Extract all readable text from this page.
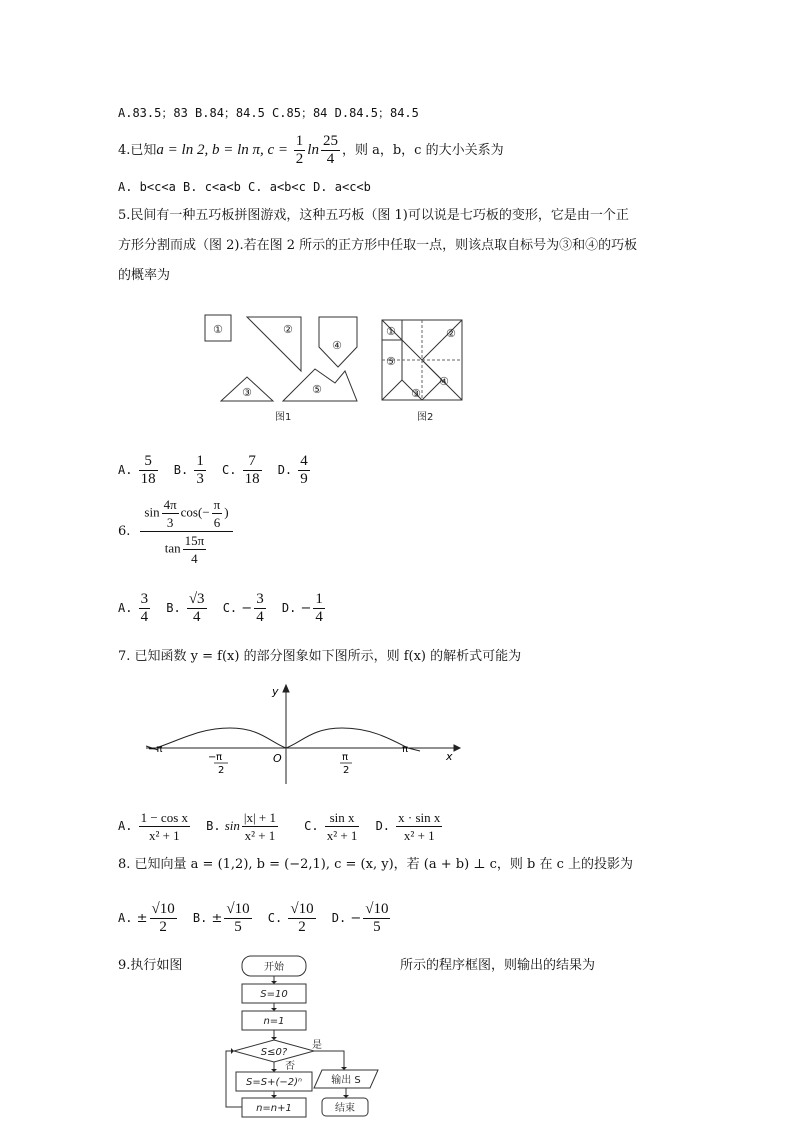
A.83.5；83 B.84；84.5 C.85；84 D.84.5；84.5
4.已知a = ln 2, b = ln π, $c = \frac{1}{2}$ $\ln \frac{25}{4}$ ，则 a，b，c 的大小关系为
A. b<c<a B. c<a<b C. a<b<c D. a<c<b
5.民间有一种五巧板拼图游戏，这种五巧板（图 1)可以说是七巧板的变形，它是由一个正
方形分割而成（图 2).若在图 2 所示的正方形中任取一点，则该点取自标号为③和④的巧板
的概率为
①	②
④
③	⑤
①	②
⑤
④
③
图1	图2
A. $\frac{5}{18} B$. $\frac{1}{3} C$. $\frac{7}{18} D$. $\frac{4}{9}$
6. $\frac{\sin \frac{4\pi}{3} \cos(- \frac{\pi}{6} )}{\tan \frac{15\pi}{4}}$
A. $\frac{3}{4} B$. $\frac{√3}{4} C$. − $\frac{3}{4} D$. − $\frac{1}{4}$
7. 已知函数 y = f(x) 的部分图象如下图所示，则 f(x) 的解析式可能为
y
x
O
−π	π
− π
2
π
2
A. $\frac{\text{1 − cos x}}{\text{x² + 1}} B$. $\sin \frac{|x| + 1}{\text{x² + 1}} C$. $\frac{\text{sin x}}{\text{x² + 1}} D$. $\frac{\text{x · sin x}}{\text{x² + 1}}$
8. 已知向量 a = (1,2), b = (−2,1), c = (x, y)，若 (a + b) ⊥ c，则 b 在 c 上的投影为
A. ± $\frac{√10}{2} B$. ± $\frac{√10}{5} C$. $\frac{√10}{2} D$. − $\frac{√10}{5}$
9.执行如图	所示的程序框图，则输出的结果为
开始
S=10
n=1
S≤0?
是
否
S=S+(−2)ⁿ	输出 S
n=n+1	结束
